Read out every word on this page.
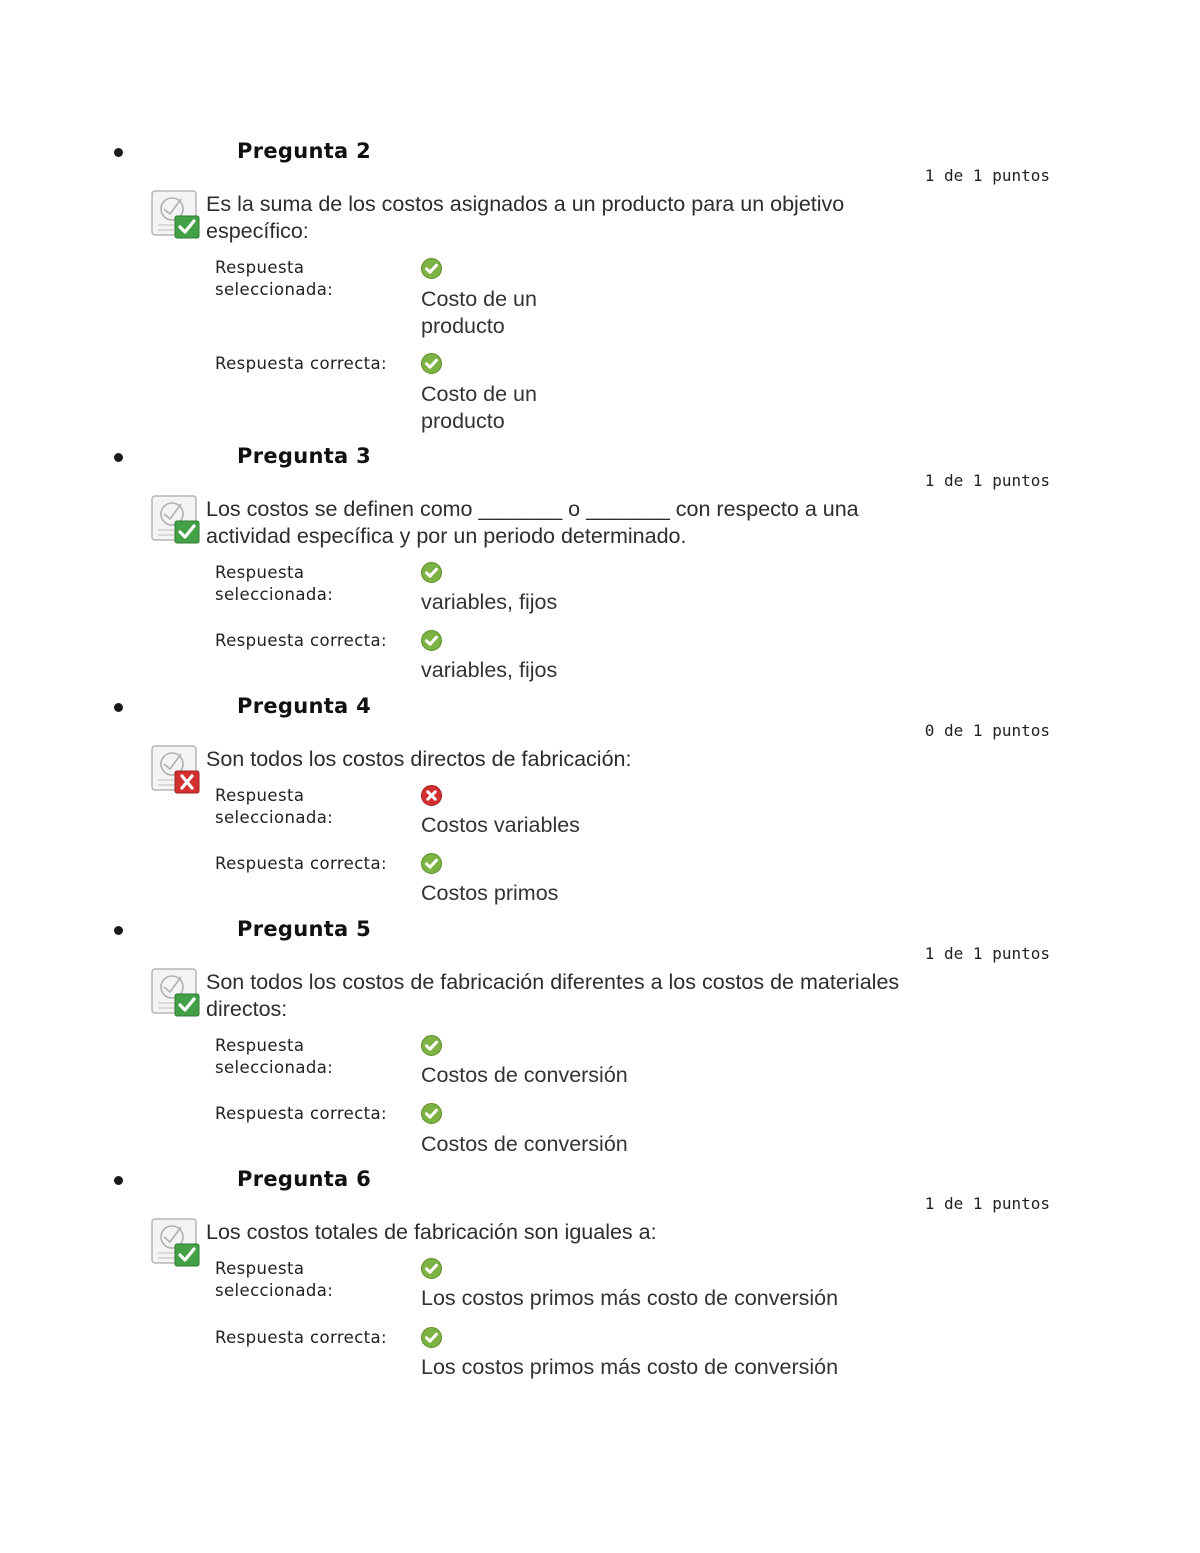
Pregunta 2
1 de 1 puntos
Es la suma de los costos asignados a un producto para un objetivo específico:
Respuesta seleccionada:	Costo de un producto
Respuesta correcta:
Costo de un producto
Pregunta 3
1 de 1 puntos
Los costos se definen como _______ o _______ con respecto a una actividad específica y por un periodo determinado.
Respuesta seleccionada:	variables, fijos
Respuesta correcta:
variables, fijos
Pregunta 4
0 de 1 puntos
Son todos los costos directos de fabricación:
Respuesta seleccionada:	Costos variables
Respuesta correcta:
Costos primos
Pregunta 5
1 de 1 puntos
Son todos los costos de fabricación diferentes a los costos de materiales directos:
Respuesta seleccionada:	Costos de conversión
Respuesta correcta:
Costos de conversión
Pregunta 6
1 de 1 puntos
Los costos totales de fabricación son iguales a:
Respuesta seleccionada:	Los costos primos más costo de conversión
Respuesta correcta:
Los costos primos más costo de conversión
